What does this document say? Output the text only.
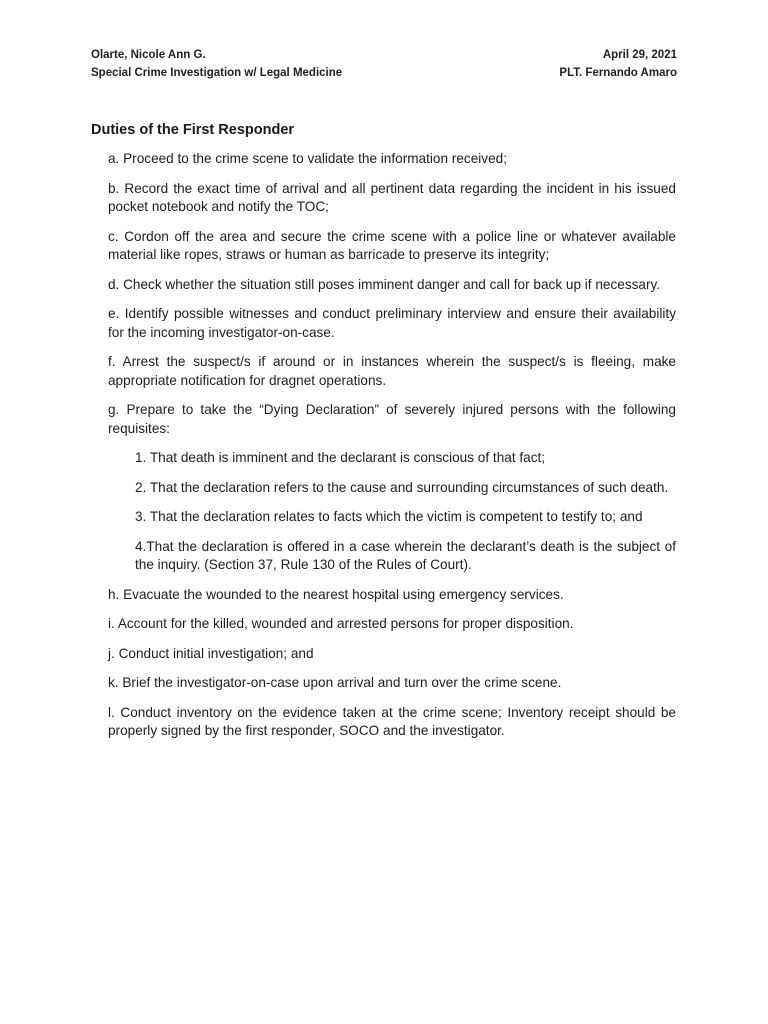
Olarte, Nicole Ann G.	April 29, 2021
Special Crime Investigation w/ Legal Medicine	PLT. Fernando Amaro
Duties of the First Responder

a. Proceed to the crime scene to validate the information received;

b. Record the exact time of arrival and all pertinent data regarding the incident in his issued pocket notebook and notify the TOC;

c. Cordon off the area and secure the crime scene with a police line or whatever available material like ropes, straws or human as barricade to preserve its integrity;

d. Check whether the situation still poses imminent danger and call for back up if necessary.

e. Identify possible witnesses and conduct preliminary interview and ensure their availability for the incoming investigator-on-case.

f. Arrest the suspect/s if around or in instances wherein the suspect/s is fleeing, make appropriate notification for dragnet operations.

g. Prepare to take the “Dying Declaration” of severely injured persons with the following requisites:

1. That death is imminent and the declarant is conscious of that fact;

2. That the declaration refers to the cause and surrounding circumstances of such death.

3. That the declaration relates to facts which the victim is competent to testify to; and

4.That the declaration is offered in a case wherein the declarant’s death is the subject of the inquiry. (Section 37, Rule 130 of the Rules of Court).

h. Evacuate the wounded to the nearest hospital using emergency services.

i. Account for the killed, wounded and arrested persons for proper disposition.

j. Conduct initial investigation; and

k. Brief the investigator-on-case upon arrival and turn over the crime scene.

l. Conduct inventory on the evidence taken at the crime scene; Inventory receipt should be properly signed by the first responder, SOCO and the investigator.
